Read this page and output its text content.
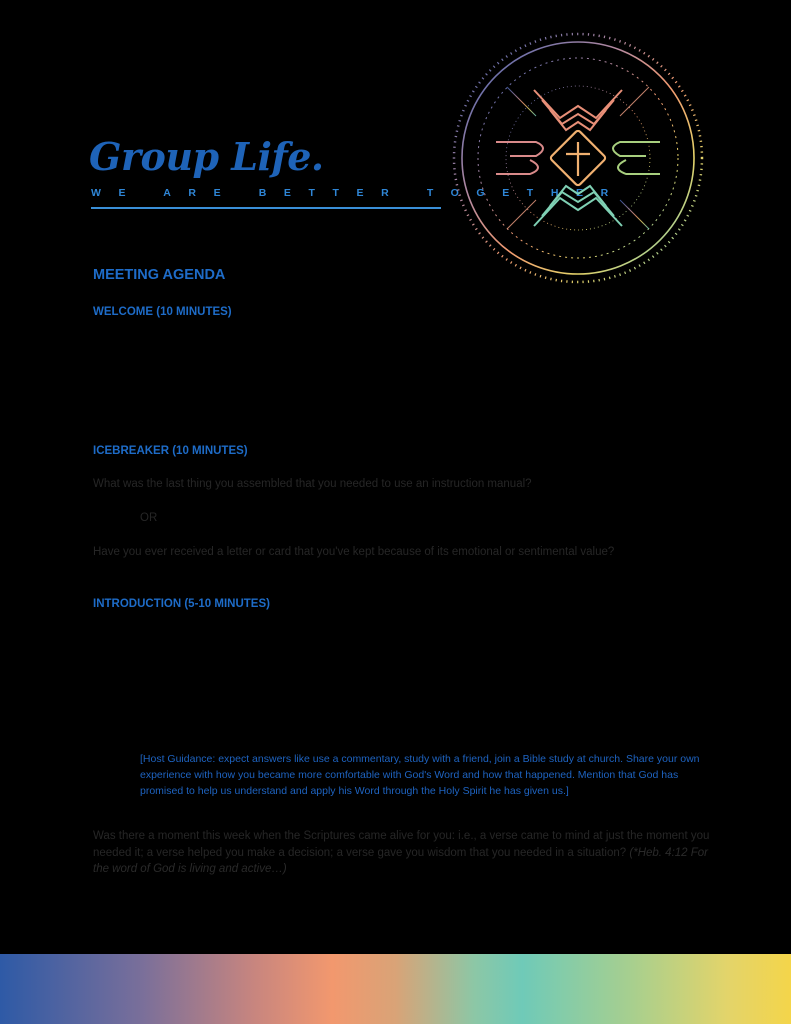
Group Life.
WE ARE BETTER TOGETHER
MEETING AGENDA
WELCOME (10 MINUTES)
ICEBREAKER (10 MINUTES)
What was the last thing you assembled that you needed to use an instruction manual?
OR
Have you ever received a letter or card that you've kept because of its emotional or sentimental value?
INTRODUCTION (5-10 MINUTES)
[Host Guidance: expect answers like use a commentary, study with a friend, join a Bible study at church. Share your own experience with how you became more comfortable with God's Word and how that happened. Mention that God has promised to help us understand and apply his Word through the Holy Spirit he has given us.]
Was there a moment this week when the Scriptures came alive for you: i.e., a verse came to mind at just the moment you needed it; a verse helped you make a decision; a verse gave you wisdom that you needed in a situation? (*Heb. 4:12 For the word of God is living and active…)
